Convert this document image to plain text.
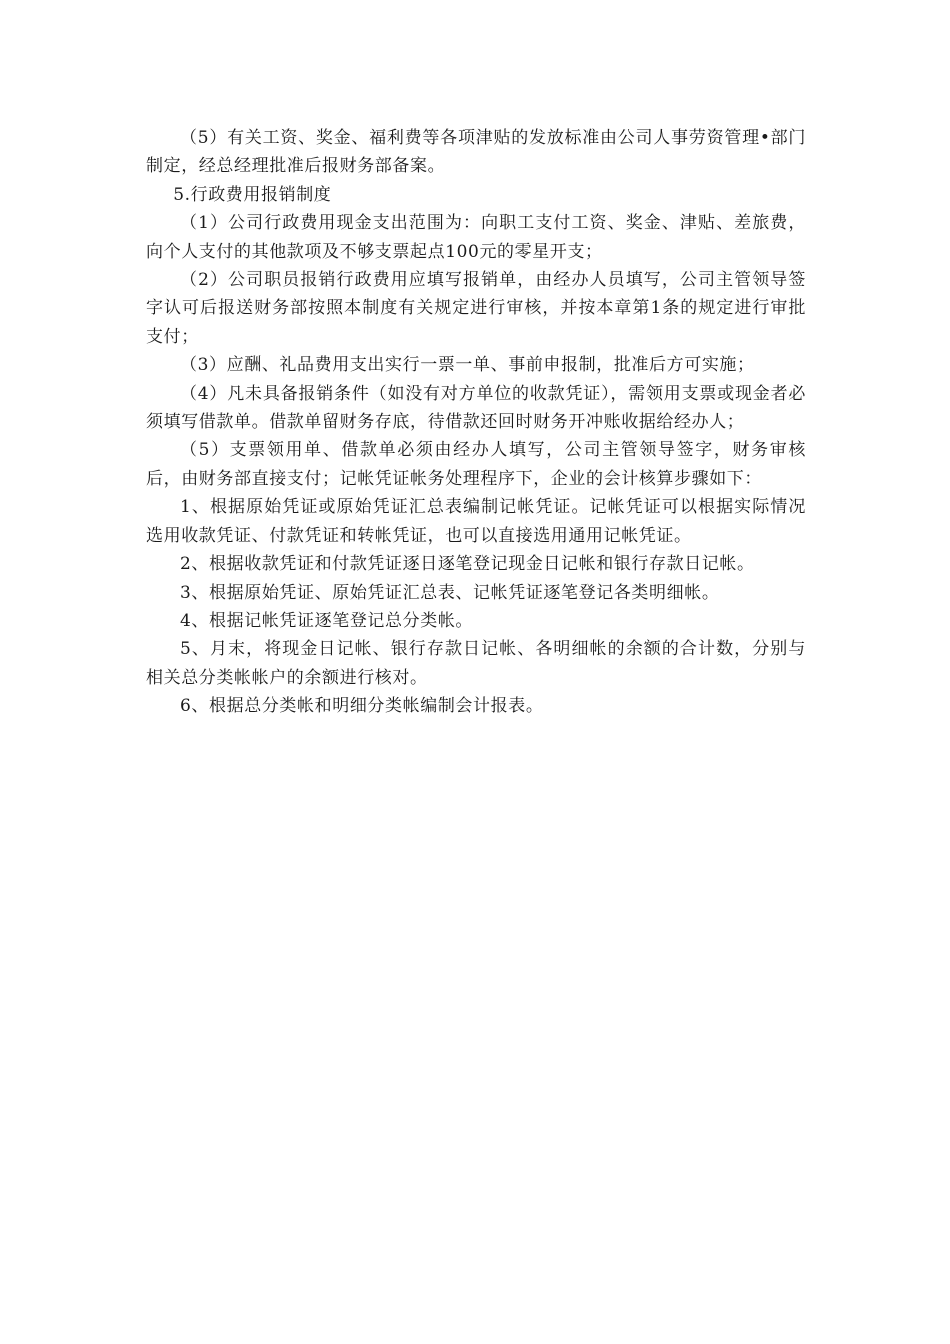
（5）有关工资、奖金、福利费等各项津贴的发放标准由公司人事劳资管理•部门制定，经总经理批准后报财务部备案。

5.行政费用报销制度

（1）公司行政费用现金支出范围为：向职工支付工资、奖金、津贴、差旅费，向个人支付的其他款项及不够支票起点100元的零星开支；

（2）公司职员报销行政费用应填写报销单，由经办人员填写，公司主管领导签字认可后报送财务部按照本制度有关规定进行审核，并按本章第1条的规定进行审批支付；

（3）应酬、礼品费用支出实行一票一单、事前申报制，批准后方可实施；

（4）凡未具备报销条件（如没有对方单位的收款凭证），需领用支票或现金者必须填写借款单。借款单留财务存底，待借款还回时财务开冲账收据给经办人；

（5）支票领用单、借款单必须由经办人填写，公司主管领导签字，财务审核后，由财务部直接支付；记帐凭证帐务处理程序下，企业的会计核算步骤如下：

1、根据原始凭证或原始凭证汇总表编制记帐凭证。记帐凭证可以根据实际情况选用收款凭证、付款凭证和转帐凭证，也可以直接选用通用记帐凭证。

2、根据收款凭证和付款凭证逐日逐笔登记现金日记帐和银行存款日记帐。

3、根据原始凭证、原始凭证汇总表、记帐凭证逐笔登记各类明细帐。

4、根据记帐凭证逐笔登记总分类帐。

5、月末，将现金日记帐、银行存款日记帐、各明细帐的余额的合计数，分别与相关总分类帐帐户的余额进行核对。

6、根据总分类帐和明细分类帐编制会计报表。
